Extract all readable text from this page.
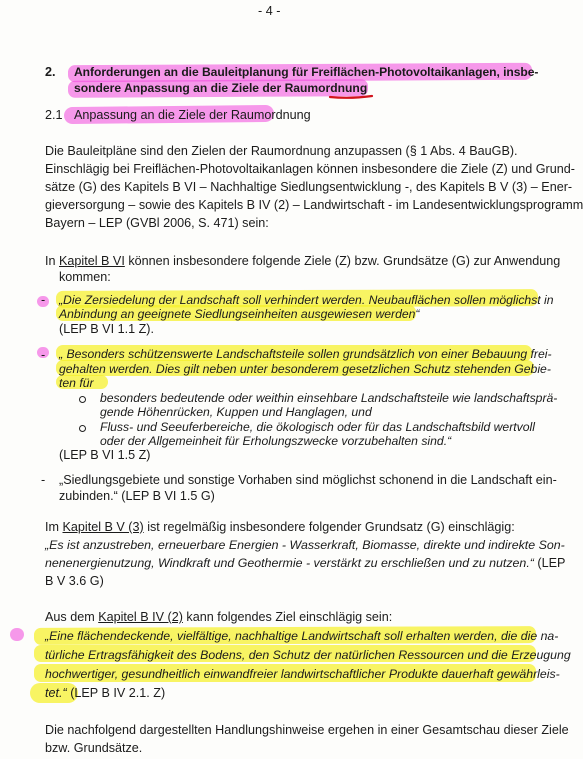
- 4 -
2. Anforderungen an die Bauleitplanung für Freiflächen-Photovoltaikanlagen, insbe-
sondere Anpassung an die Ziele der Raumordnung
2.1 Anpassung an die Ziele der Raumordnung
Die Bauleitpläne sind den Zielen der Raumordnung anzupassen (§ 1 Abs. 4 BauGB).
Einschlägig bei Freiflächen-Photovoltaikanlagen können insbesondere die Ziele (Z) und Grund-
sätze (G) des Kapitels B VI – Nachhaltige Siedlungsentwicklung -, des Kapitels B V (3) – Ener-
gieversorgung – sowie des Kapitels B IV (2) – Landwirtschaft - im Landesentwicklungsprogramm
Bayern – LEP (GVBl 2006, S. 471) sein:
In Kapitel B VI können insbesondere folgende Ziele (Z) bzw. Grundsätze (G) zur Anwendung
kommen:
- „Die Zersiedelung der Landschaft soll verhindert werden. Neubauflächen sollen möglichst in
Anbindung an geeignete Siedlungseinheiten ausgewiesen werden“
(LEP B VI 1.1 Z).
- „ Besonders schützenswerte Landschaftsteile sollen grundsätzlich von einer Bebauung frei-
gehalten werden. Dies gilt neben unter besonderem gesetzlichen Schutz stehenden Gebie-
ten für
besonders bedeutende oder weithin einsehbare Landschaftsteile wie landschaftsprä-
gende Höhenrücken, Kuppen und Hanglagen, und
Fluss- und Seeuferbereiche, die ökologisch oder für das Landschaftsbild wertvoll
oder der Allgemeinheit für Erholungszwecke vorzubehalten sind.“
(LEP B VI 1.5 Z)
- „Siedlungsgebiete und sonstige Vorhaben sind möglichst schonend in die Landschaft ein-
zubinden.“ (LEP B VI 1.5 G)
Im Kapitel B V (3) ist regelmäßig insbesondere folgender Grundsatz (G) einschlägig:
„Es ist anzustreben, erneuerbare Energien - Wasserkraft, Biomasse, direkte und indirekte Son-
nenenergienutzung, Windkraft und Geothermie - verstärkt zu erschließen und zu nutzen.“ (LEP
B V 3.6 G)
Aus dem Kapitel B IV (2) kann folgendes Ziel einschlägig sein:
„Eine flächendeckende, vielfältige, nachhaltige Landwirtschaft soll erhalten werden, die die na-
türliche Ertragsfähigkeit des Bodens, den Schutz der natürlichen Ressourcen und die Erzeugung
hochwertiger, gesundheitlich einwandfreier landwirtschaftlicher Produkte dauerhaft gewährleis-
tet.“ (LEP B IV 2.1. Z)
Die nachfolgend dargestellten Handlungshinweise ergehen in einer Gesamtschau dieser Ziele
bzw. Grundsätze.
